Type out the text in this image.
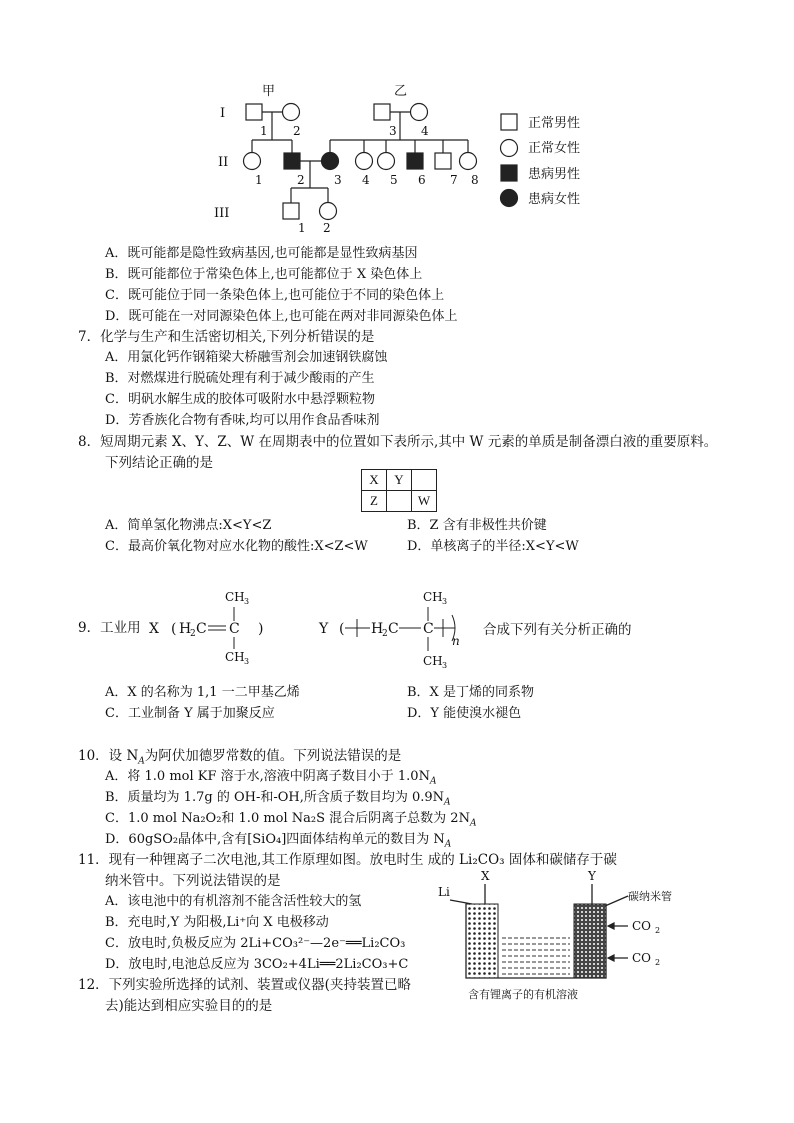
甲	乙
I
II
III
1 2	3 4
1	2 3 4 5 6 7 8
1 2
正常男性
正常女性
患病男性
患病女性
A．既可能都是隐性致病基因,也可能都是显性致病基因
B．既可能都位于常染色体上,也可能都位于 X 染色体上
C．既可能位于同一条染色体上,也可能位于不同的染色体上
D．既可能在一对同源染色体上,也可能在两对非同源染色体上
7．化学与生产和生活密切相关,下列分析错误的是
A．用氯化钙作钢箱梁大桥融雪剂会加速钢铁腐蚀
B．对燃煤进行脱硫处理有利于减少酸雨的产生
C．明矾水解生成的胶体可吸附水中悬浮颗粒物
D．芳香族化合物有香味,均可以用作食品香味剂
8．短周期元素 X、Y、Z、W 在周期表中的位置如下表所示,其中 W 元素的单质是制备漂白液的重要原料。
下列结论正确的是
X	Y	
Z		W
A．简单氢化物沸点:X<Y<Z	B．Z 含有非极性共价键
C．最高价氧化物对应水化物的酸性:X<Z<W	D．单核离子的半径:X<Y<W
9．工业用 X ( H
2 C C )
CH 3
CH 3
Y ( H
2 C C
n
CH 3
CH 3
合成下列有关分析正确的
A．X 的名称为 1,1 一二甲基乙烯	B．X 是丁烯的同系物
C．工业制备 Y 属于加聚反应	D．Y 能使溴水褪色
10．设 $N_A$为阿伏加德罗常数的值。下列说法错误的是
A．将 1.0 mol KF 溶于水,溶液中阴离子数目小于 $1.0N_A$
B．质量均为 1.7g 的 OH-和-OH,所含质子数目均为 $0.9N_A$
C．1.0 mol Na₂O₂和 1.0 mol Na₂S 混合后阴离子总数为 $2N_A$
D．60gSO₂晶体中,含有[SiO₄]四面体结构单元的数目为 $N_A$
11．现有一种锂离子二次电池,其工作原理如图。放电时生 成的 Li₂CO₃ 固体和碳储存于碳
纳米管中。下列说法错误的是
A．该电池中的有机溶剂不能含活性较大的氢
B．充电时,Y 为阳极,Li⁺向 X 电极移动
C．放电时,负极反应为 2Li+CO₃²⁻—2e⁻══Li₂CO₃
D．放电时,电池总反应为 3CO₂+4Li══2Li₂CO₃+C
X	Y
Li	碳纳米管
CO 2
CO 2
含有锂离子的有机溶液
12．下列实验所选择的试剂、装置或仪器(夹持装置已略
去)能达到相应实验目的的是
